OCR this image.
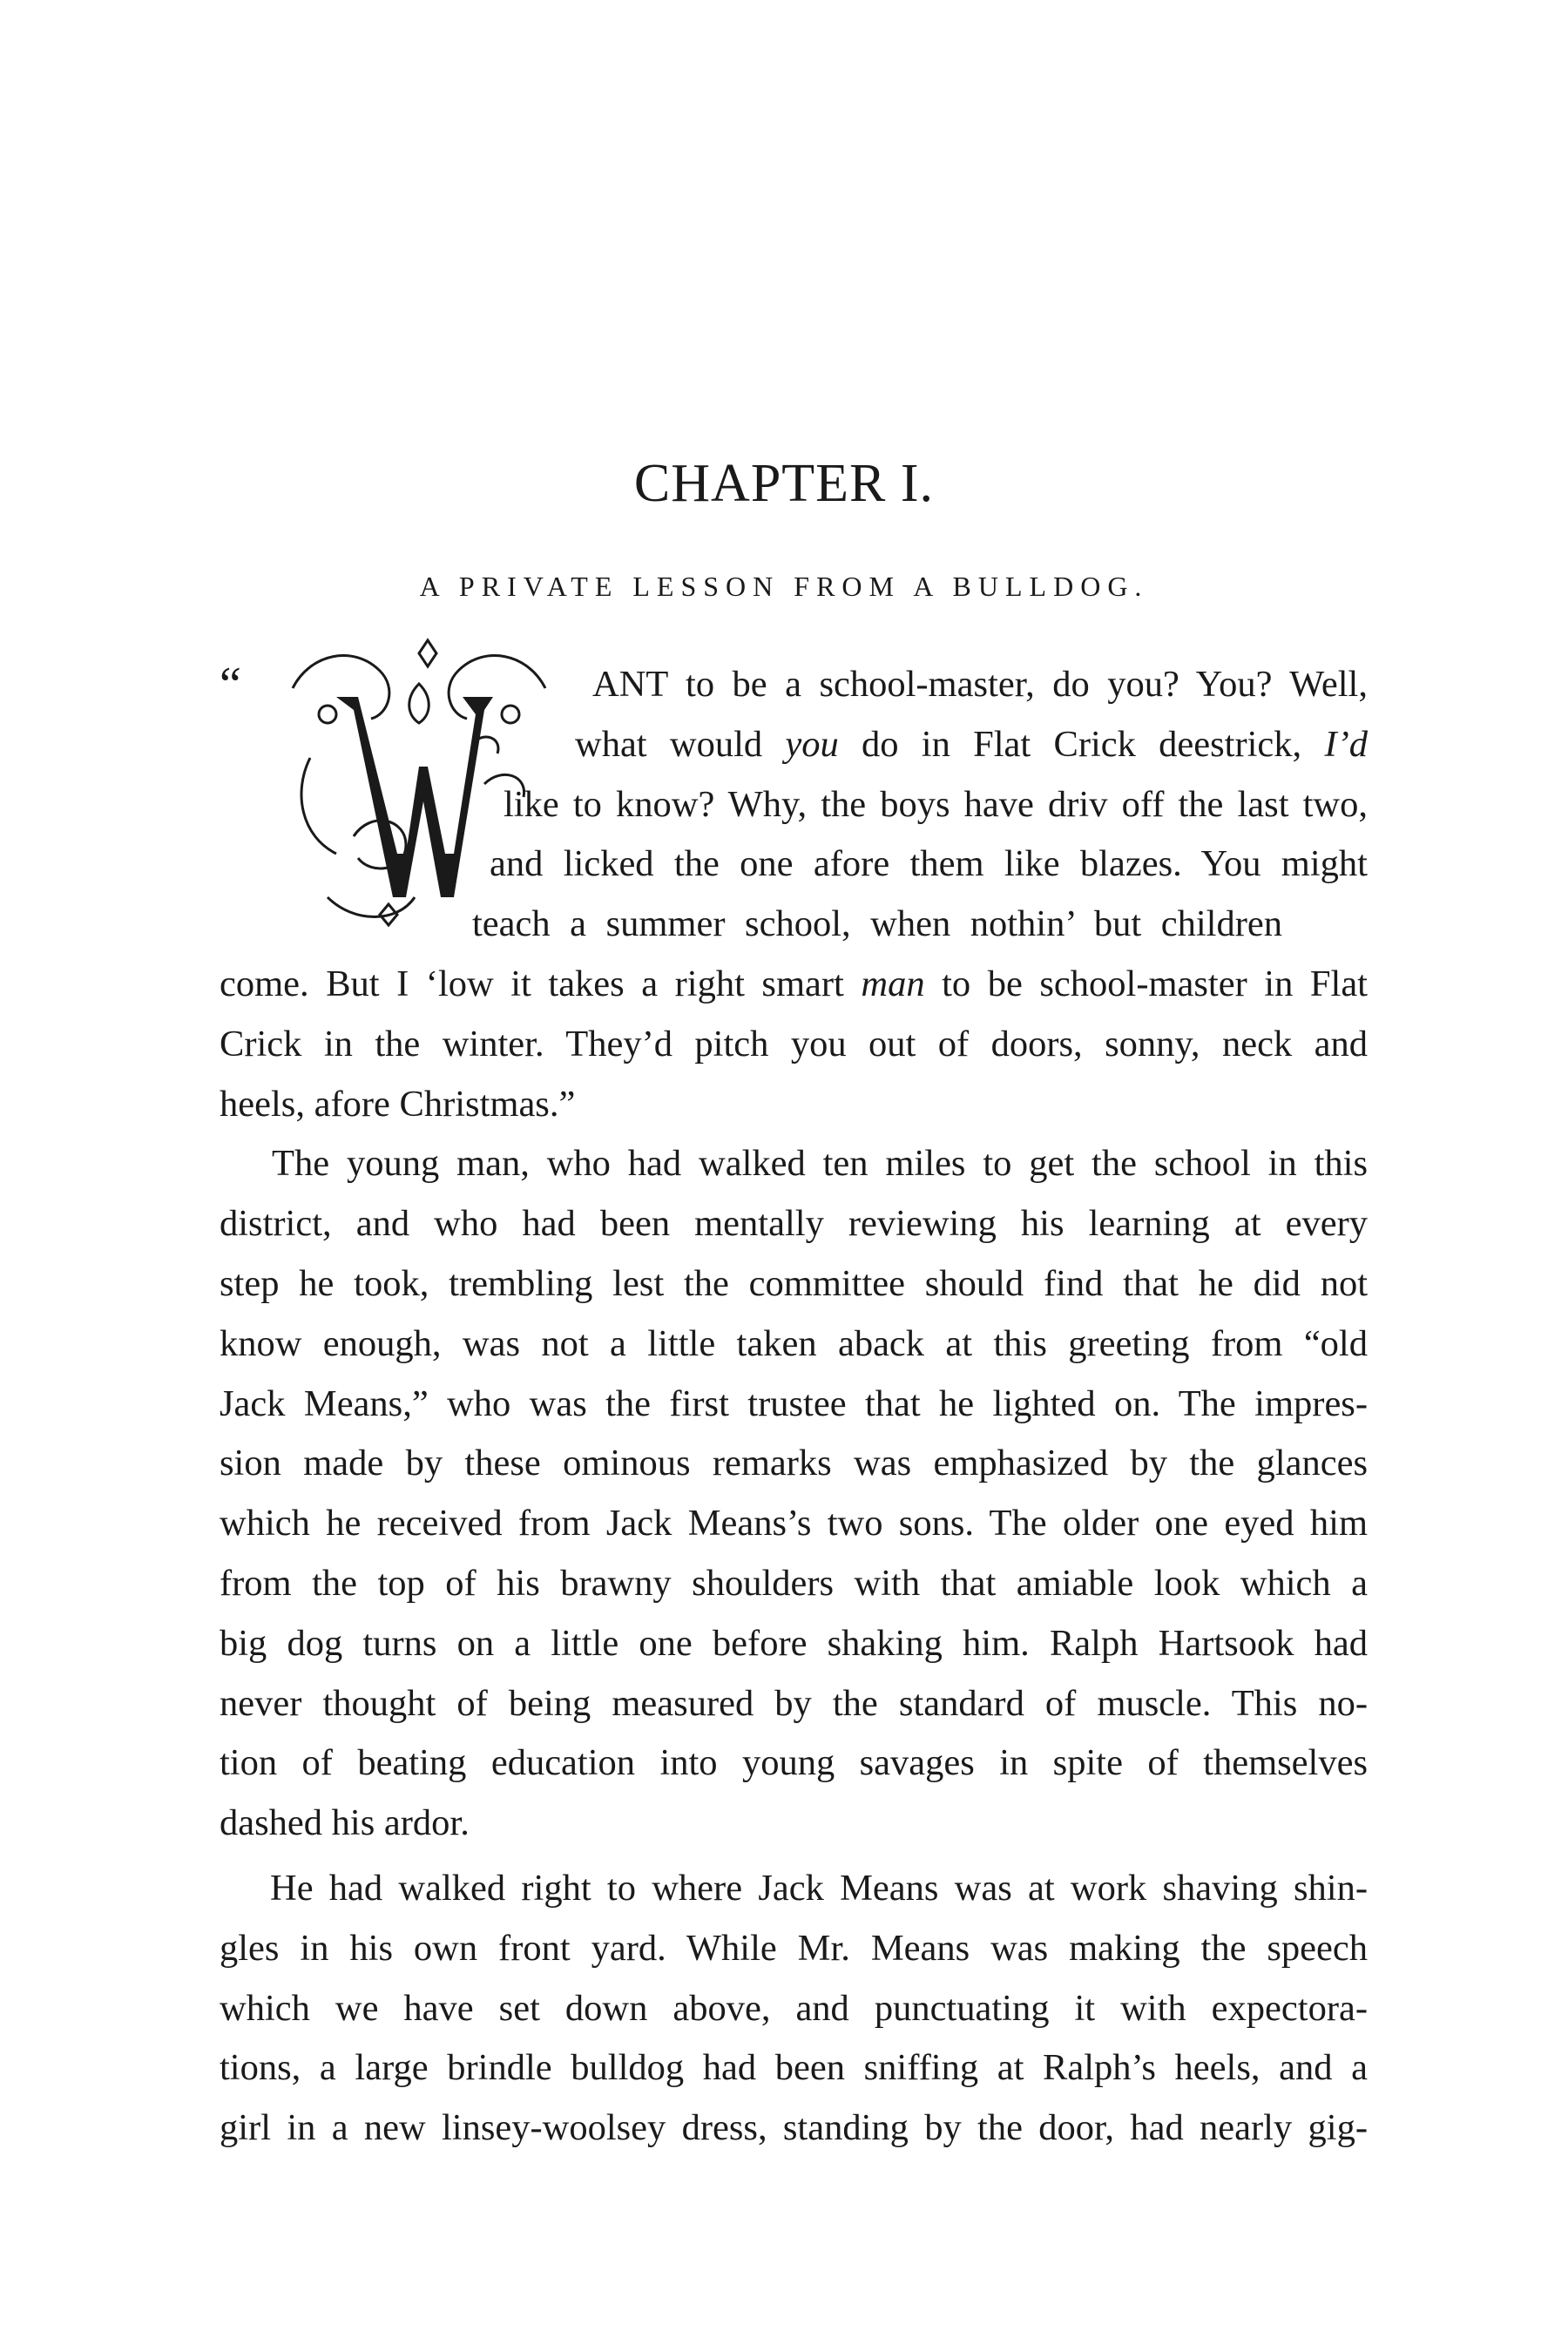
CHAPTER I.
A PRIVATE LESSON FROM A BULLDOG.
“	ANT to be a school-master, do you? You? Well,
what would you do in Flat Crick deestrick, I’d
like to know? Why, the boys have driv off the last two,
and licked the one afore them like blazes. You might
teach a summer school, when nothin’ but children
come. But I ‘low it takes a right smart man to be school-master in Flat
Crick in the winter. They’d pitch you out of doors, sonny, neck and
heels, afore Christmas.”
The young man, who had walked ten miles to get the school in this
district, and who had been mentally reviewing his learning at every
step he took, trembling lest the committee should find that he did not
know enough, was not a little taken aback at this greeting from “old
Jack Means,” who was the first trustee that he lighted on. The impres-
sion made by these ominous remarks was emphasized by the glances
which he received from Jack Means’s two sons. The older one eyed him
from the top of his brawny shoulders with that amiable look which a
big dog turns on a little one before shaking him. Ralph Hartsook had
never thought of being measured by the standard of muscle. This no-
tion of beating education into young savages in spite of themselves
dashed his ardor.
He had walked right to where Jack Means was at work shaving shin-
gles in his own front yard. While Mr. Means was making the speech
which we have set down above, and punctuating it with expectora-
tions, a large brindle bulldog had been sniffing at Ralph’s heels, and a
girl in a new linsey-woolsey dress, standing by the door, had nearly gig-
